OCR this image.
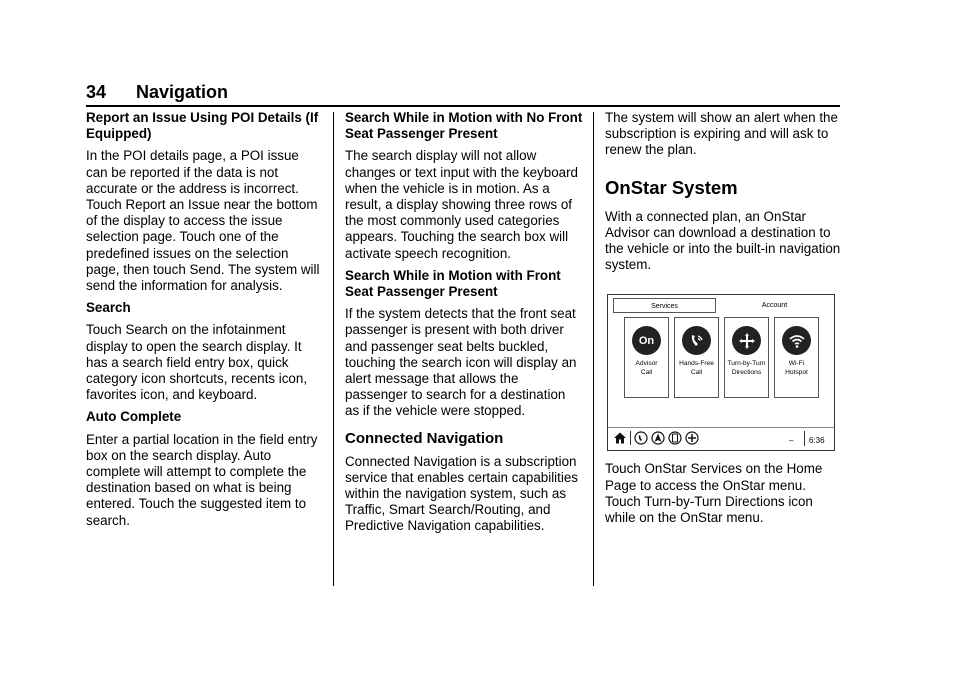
34 Navigation

Report an Issue Using POI Details (If Equipped)

In the POI details page, a POI issue can be reported if the data is not accurate or the address is incorrect. Touch Report an Issue near the bottom of the display to access the issue selection page. Touch one of the predefined issues on the selection page, then touch Send. The system will send the information for analysis.

Search

Touch Search on the infotainment display to open the search display. It has a search field entry box, quick category icon shortcuts, recents icon, favorites icon, and keyboard.

Auto Complete

Enter a partial location in the field entry box on the search display. Auto complete will attempt to complete the destination based on what is being entered. Touch the suggested item to search.

Search While in Motion with No Front Seat Passenger Present

The search display will not allow changes or text input with the keyboard when the vehicle is in motion. As a result, a display showing three rows of the most commonly used categories appears. Touching the search box will activate speech recognition.

Search While in Motion with Front Seat Passenger Present

If the system detects that the front seat passenger is present with both driver and passenger seat belts buckled, touching the search icon will display an alert message that allows the passenger to search for a destination as if the vehicle were stopped.

Connected Navigation

Connected Navigation is a subscription service that enables certain capabilities within the navigation system, such as Traffic, Smart Search/Routing, and Predictive Navigation capabilities.

The system will show an alert when the subscription is expiring and will ask to renew the plan.

OnStar System

With a connected plan, an OnStar Advisor can download a destination to the vehicle or into the built-in navigation system.

Services	Account
On
Advisor
Call
Hands-Free
Call
Turn-by-Turn
Directions
Wi-Fi
Hotspot
– 6:36

Touch OnStar Services on the Home Page to access the OnStar menu. Touch Turn-by-Turn Directions icon while on the OnStar menu.
